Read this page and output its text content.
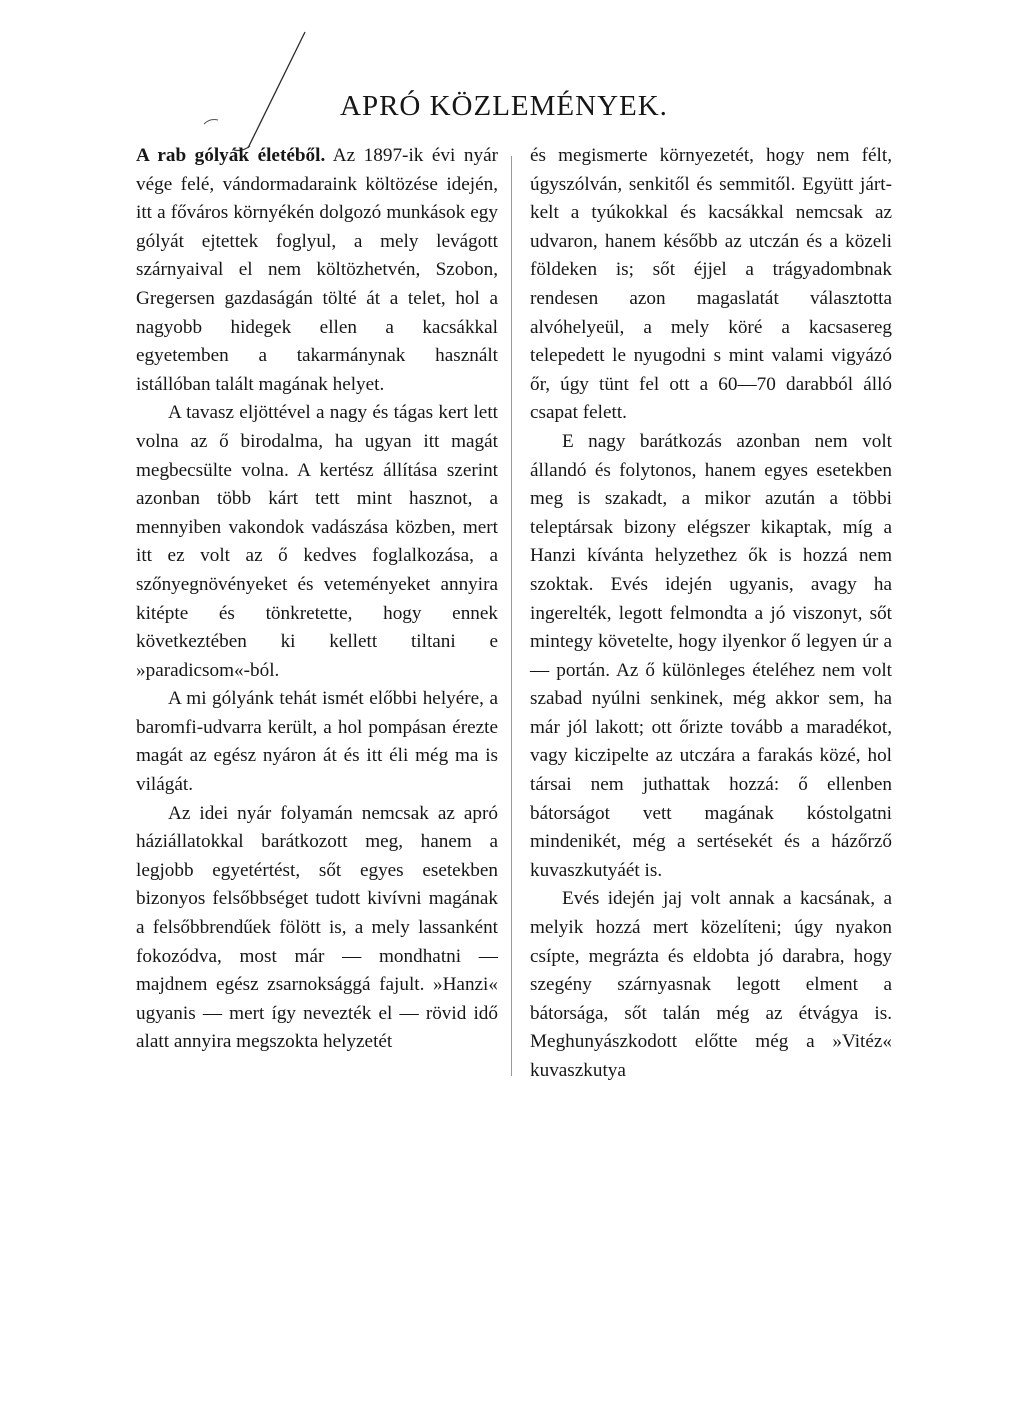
APRÓ KÖZLEMÉNYEK.

A rab gólyák életéből. Az 1897-ik évi nyár vége felé, vándormadaraink költözése idején, itt a főváros környékén dolgozó munkások egy gólyát ejtettek foglyul, a mely levágott szárnyaival el nem költözhetvén, Szobon, Gregersen gazdaságán tölté át a telet, hol a nagyobb hidegek ellen a kacsákkal egyetemben a takarmánynak használt istállóban talált magának helyet.

A tavasz eljöttével a nagy és tágas kert lett volna az ő birodalma, ha ugyan itt magát megbecsülte volna. A kertész állítása szerint azonban több kárt tett mint hasznot, a mennyiben vakondok vadászása közben, mert itt ez volt az ő kedves foglalkozása, a szőnyegnövényeket és veteményeket annyira kitépte és tönkretette, hogy ennek következtében ki kellett tiltani e »paradicsom«-ból.

A mi gólyánk tehát ismét előbbi helyére, a baromfi-udvarra került, a hol pompásan érezte magát az egész nyáron át és itt éli még ma is világát.

Az idei nyár folyamán nemcsak az apró háziállatokkal barátkozott meg, hanem a legjobb egyetértést, sőt egyes esetekben bizonyos felsőbbséget tudott kivívni magának a felsőbbrendűek fölött is, a mely lassanként fokozódva, most már — mondhatni — majdnem egész zsarnoksággá fajult. »Hanzi« ugyanis — mert így nevezték el — rövid idő alatt annyira megszokta helyzetét

és megismerte környezetét, hogy nem félt, úgyszólván, senkitől és semmitől. Együtt járt-kelt a tyúkokkal és kacsákkal nemcsak az udvaron, hanem később az utczán és a közeli földeken is; sőt éjjel a trágyadombnak rendesen azon magaslatát választotta alvóhelyeül, a mely köré a kacsasereg telepedett le nyugodni s mint valami vigyázó őr, úgy tünt fel ott a 60—70 darabból álló csapat felett.

E nagy barátkozás azonban nem volt állandó és folytonos, hanem egyes esetekben meg is szakadt, a mikor azután a többi teleptársak bizony elégszer kikaptak, míg a Hanzi kívánta helyzethez ők is hozzá nem szoktak. Evés idején ugyanis, avagy ha ingerelték, legott felmondta a jó viszonyt, sőt mintegy követelte, hogy ilyenkor ő legyen úr a — portán. Az ő különleges ételéhez nem volt szabad nyúlni senkinek, még akkor sem, ha már jól lakott; ott őrizte tovább a maradékot, vagy kiczipelte az utczára a farakás közé, hol társai nem juthattak hozzá: ő ellenben bátorságot vett magának kóstolgatni mindenikét, még a sertésekét és a házőrző kuvaszkutyáét is.

Evés idején jaj volt annak a kacsának, a melyik hozzá mert közelíteni; úgy nyakon csípte, megrázta és eldobta jó darabra, hogy szegény szárnyasnak legott elment a bátorsága, sőt talán még az étvágya is. Meghunyászkodott előtte még a »Vitéz« kuvaszkutya
